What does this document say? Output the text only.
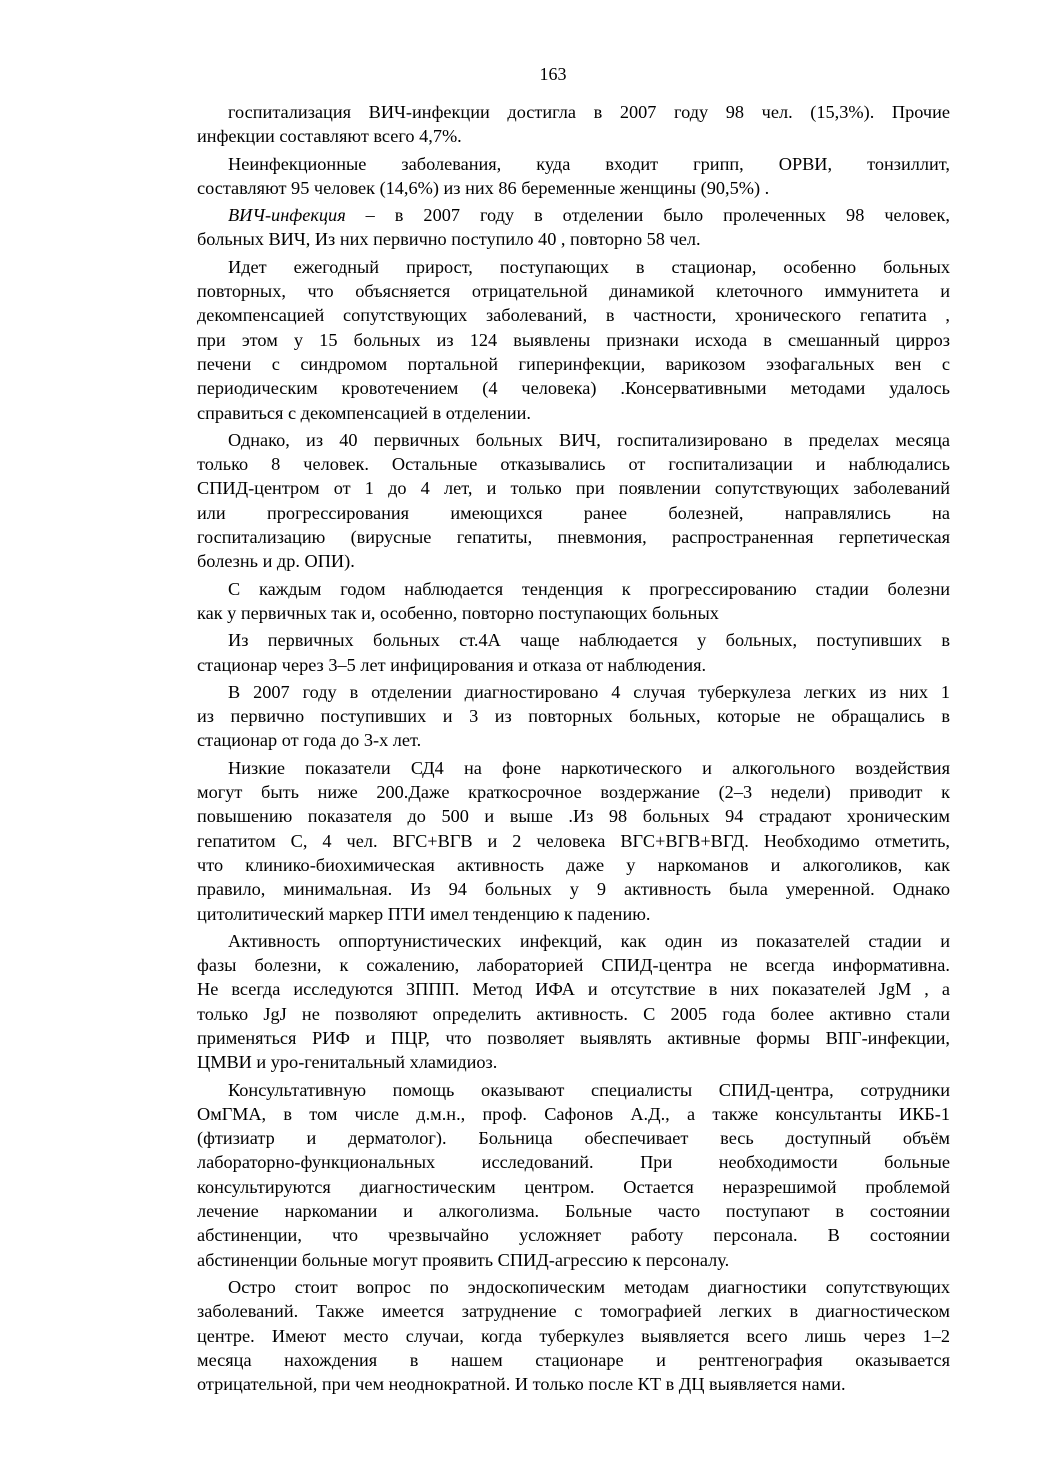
163
госпитализация ВИЧ-инфекции достигла в 2007 году 98 чел. (15,3%). Прочие
инфекции составляют всего 4,7%.
Неинфекционные заболевания, куда входит грипп, ОРВИ, тонзиллит,
составляют 95 человек (14,6%) из них 86 беременные женщины (90,5%) .
ВИЧ-инфекция – в 2007 году в отделении было пролеченных 98 человек,
больных ВИЧ, Из них первично поступило 40 , повторно 58 чел.
Идет ежегодный прирост, поступающих в стационар, особенно больных
повторных, что объясняется отрицательной динамикой клеточного иммунитета и
декомпенсацией сопутствующих заболеваний, в частности, хронического гепатита ,
при этом у 15 больных из 124 выявлены признаки исхода в смешанный цирроз
печени с синдромом портальной гиперинфекции, варикозом эзофагальных вен с
периодическим кровотечением (4 человека) .Консервативными методами удалось
справиться с декомпенсацией в отделении.
Однако, из 40 первичных больных ВИЧ, госпитализировано в пределах месяца
только 8 человек. Остальные отказывались от госпитализации и наблюдались
СПИД-центром от 1 до 4 лет, и только при появлении сопутствующих заболеваний
или прогрессирования имеющихся ранее болезней, направлялись на
госпитализацию (вирусные гепатиты, пневмония, распространенная герпетическая
болезнь и др. ОПИ).
С каждым годом наблюдается тенденция к прогрессированию стадии болезни
как у первичных так и, особенно, повторно поступающих больных
Из первичных больных ст.4А чаще наблюдается у больных, поступивших в
стационар через 3–5 лет инфицирования и отказа от наблюдения.
В 2007 году в отделении диагностировано 4 случая туберкулеза легких из них 1
из первично поступивших и 3 из повторных больных, которые не обращались в
стационар от года до 3-х лет.
Низкие показатели СД4 на фоне наркотического и алкогольного воздействия
могут быть ниже 200.Даже краткосрочное воздержание (2–3 недели) приводит к
повышению показателя до 500 и выше .Из 98 больных 94 страдают хроническим
гепатитом С, 4 чел. ВГС+ВГВ и 2 человека ВГС+ВГВ+ВГД. Необходимо отметить,
что клинико-биохимическая активность даже у наркоманов и алкоголиков, как
правило, минимальная. Из 94 больных у 9 активность была умеренной. Однако
цитолитический маркер ПТИ имел тенденцию к падению.
Активность оппортунистических инфекций, как один из показателей стадии и
фазы болезни, к сожалению, лабораторией СПИД-центра не всегда информативна.
Не всегда исследуются ЗППП. Метод ИФА и отсутствие в них показателей JgM , а
только JgJ не позволяют определить активность. С 2005 года более активно стали
применяться РИФ и ПЦР, что позволяет выявлять активные формы ВПГ-инфекции,
ЦМВИ и уро-генитальный хламидиоз.
Консультативную помощь оказывают специалисты СПИД-центра, сотрудники
ОмГМА, в том числе д.м.н., проф. Сафонов А.Д., а также консультанты ИКБ-1
(фтизиатр и дерматолог). Больница обеспечивает весь доступный объём
лабораторно-функциональных исследований. При необходимости больные
консультируются диагностическим центром. Остается неразрешимой проблемой
лечение наркомании и алкоголизма. Больные часто поступают в состоянии
абстиненции, что чрезвычайно усложняет работу персонала. В состоянии
абстиненции больные могут проявить СПИД-агрессию к персоналу.
Остро стоит вопрос по эндоскопическим методам диагностики сопутствующих
заболеваний. Также имеется затруднение с томографией легких в диагностическом
центре. Имеют место случаи, когда туберкулез выявляется всего лишь через 1–2
месяца нахождения в нашем стационаре и рентгенография оказывается
отрицательной, при чем неоднократной. И только после КТ в ДЦ выявляется нами.
